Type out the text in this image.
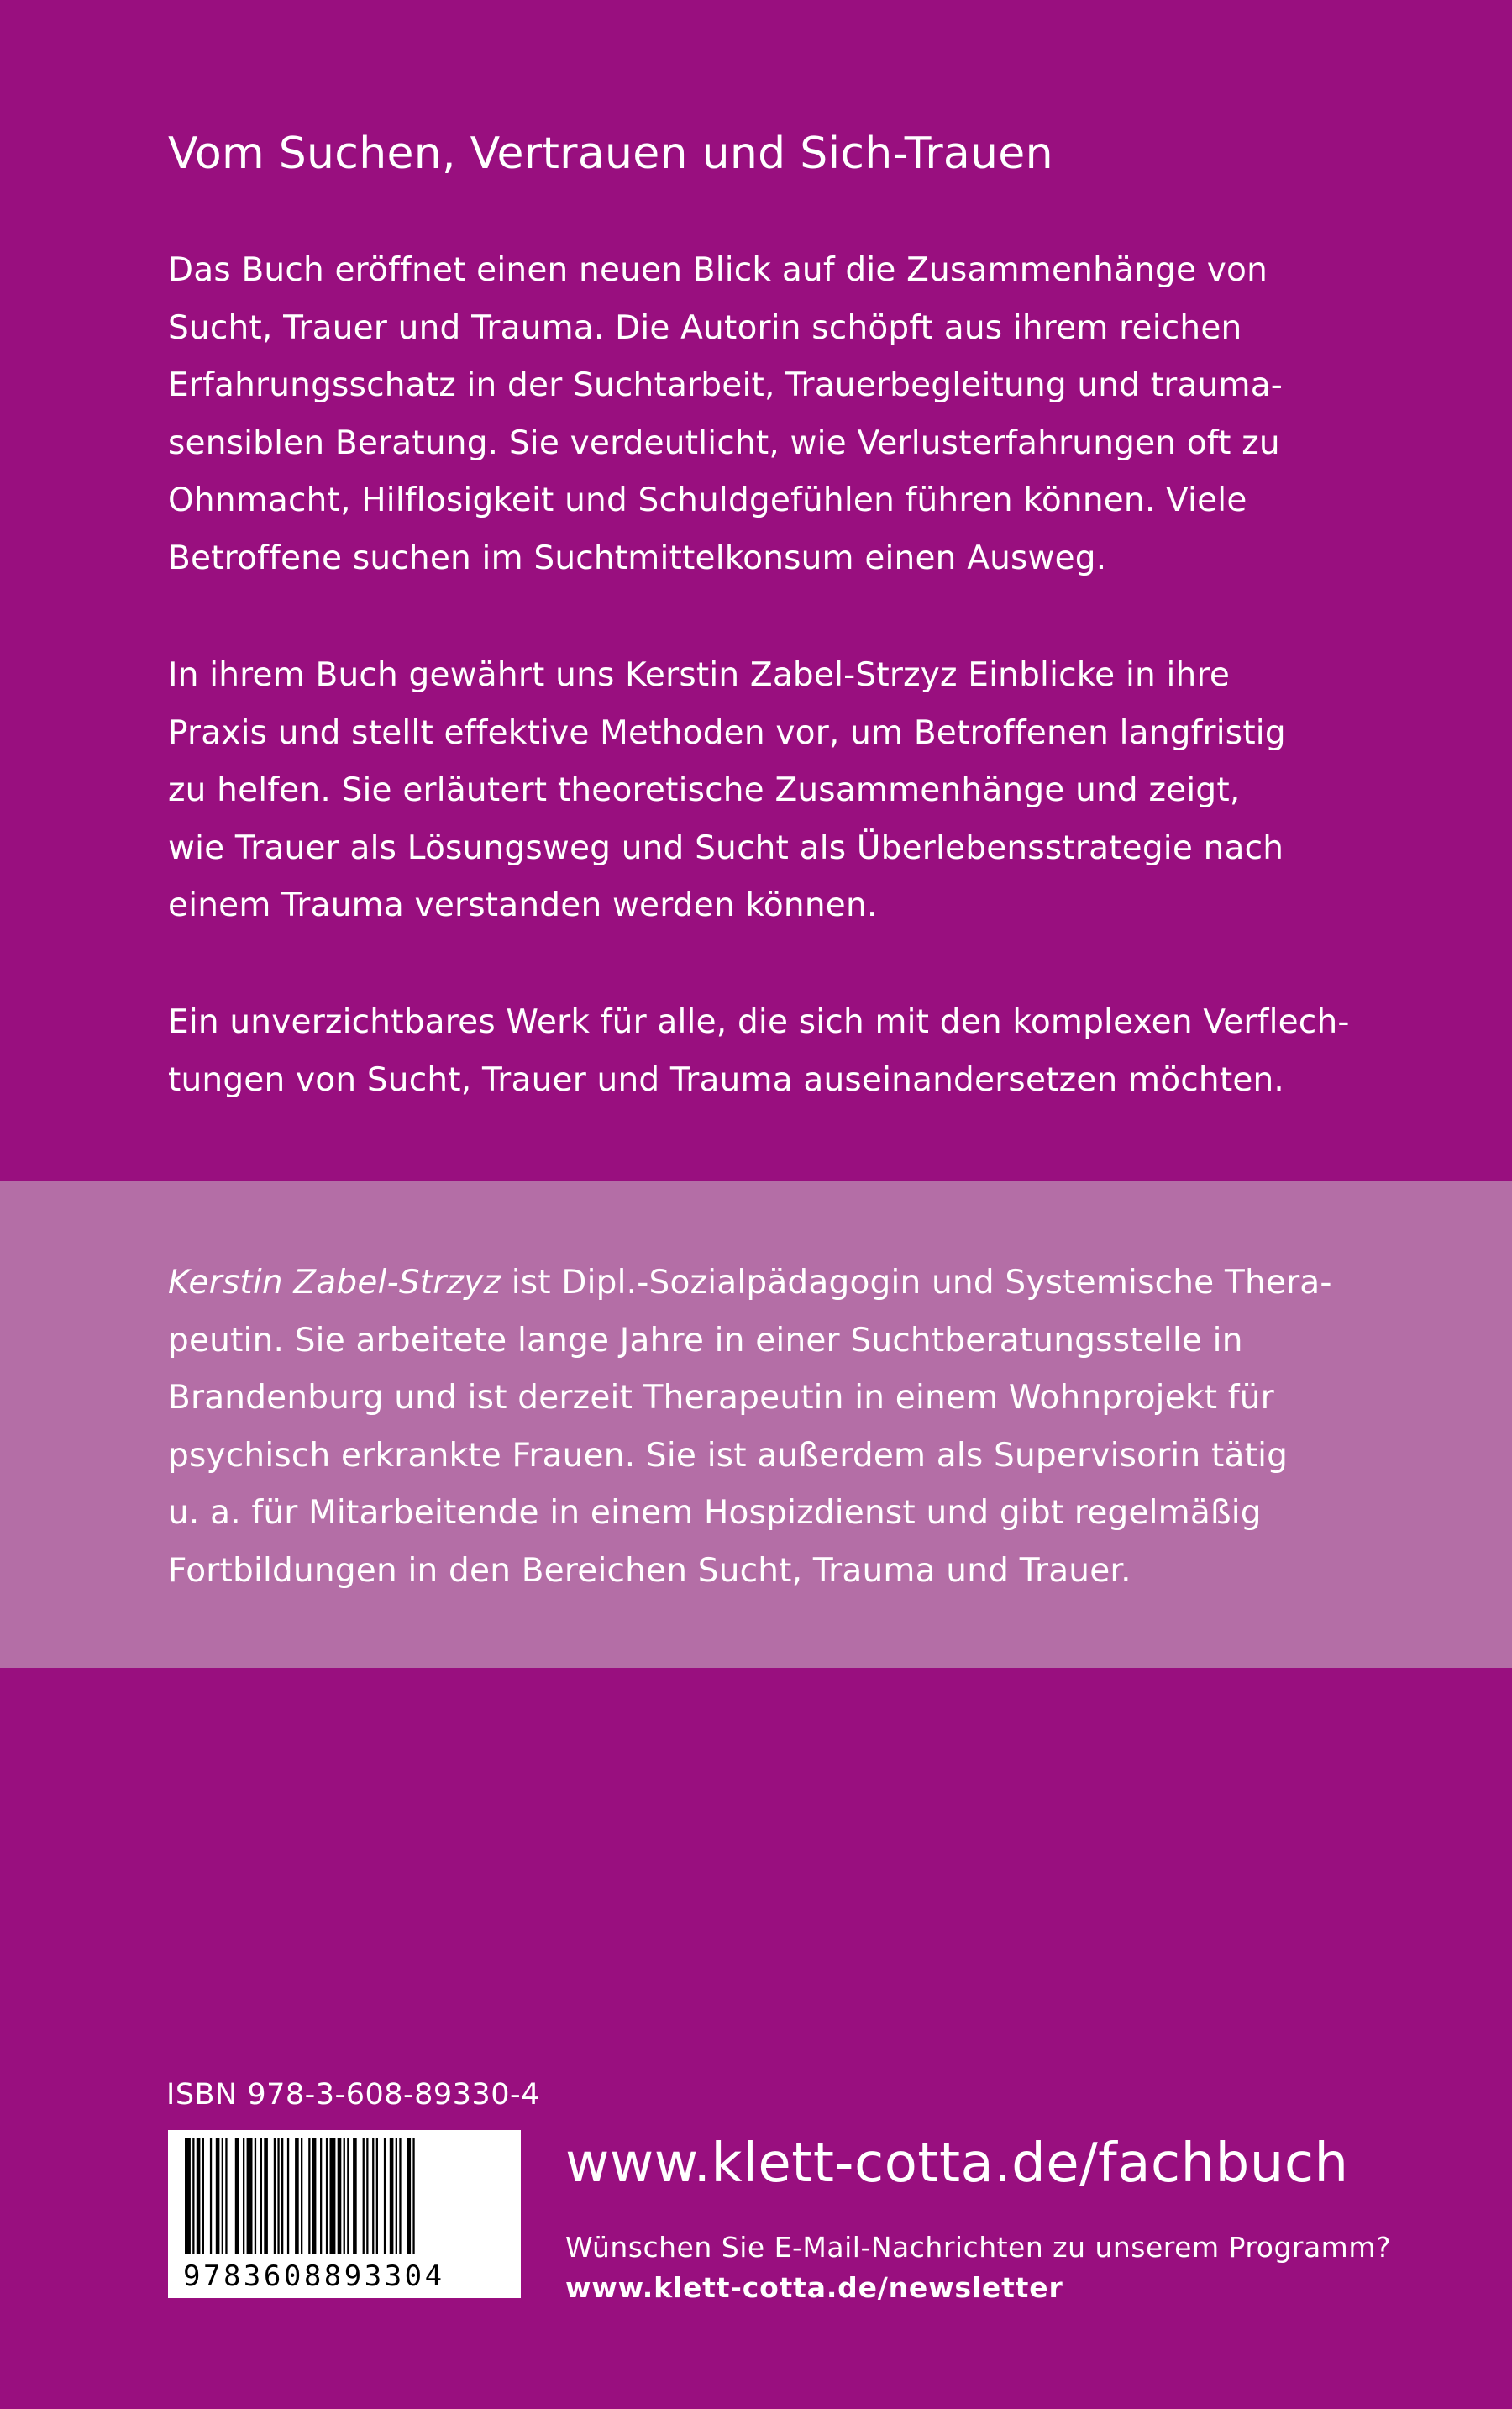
Vom Suchen, Vertrauen und Sich-Trauen

Das Buch eröffnet einen neuen Blick auf die Zusammenhänge von
Sucht, Trauer und Trauma. Die Autorin schöpft aus ihrem reichen
Erfahrungsschatz in der Suchtarbeit, Trauerbegleitung und trauma-
sensiblen Beratung. Sie verdeutlicht, wie Verlusterfahrungen oft zu
Ohnmacht, Hilflosigkeit und Schuldgefühlen führen können. Viele
Betroffene suchen im Suchtmittelkonsum einen Ausweg.

In ihrem Buch gewährt uns Kerstin Zabel-Strzyz Einblicke in ihre
Praxis und stellt effektive Methoden vor, um Betroffenen langfristig
zu helfen. Sie erläutert theoretische Zusammenhänge und zeigt,
wie Trauer als Lösungsweg und Sucht als Überlebensstrategie nach
einem Trauma verstanden werden können.

Ein unverzichtbares Werk für alle, die sich mit den komplexen Verflech-
tungen von Sucht, Trauer und Trauma auseinandersetzen möchten.

Kerstin Zabel-Strzyz ist Dipl.-Sozialpädagogin und Systemische Thera-
peutin. Sie arbeitete lange Jahre in einer Suchtberatungsstelle in
Brandenburg und ist derzeit Therapeutin in einem Wohnprojekt für
psychisch erkrankte Frauen. Sie ist außerdem als Supervisorin tätig
u. a. für Mitarbeitende in einem Hospizdienst und gibt regelmäßig
Fortbildungen in den Bereichen Sucht, Trauma und Trauer.

ISBN 978-3-608-89330-4
9783608893304
www.klett-cotta.de/fachbuch
Wünschen Sie E-Mail-Nachrichten zu unserem Programm?
www.klett-cotta.de/newsletter
